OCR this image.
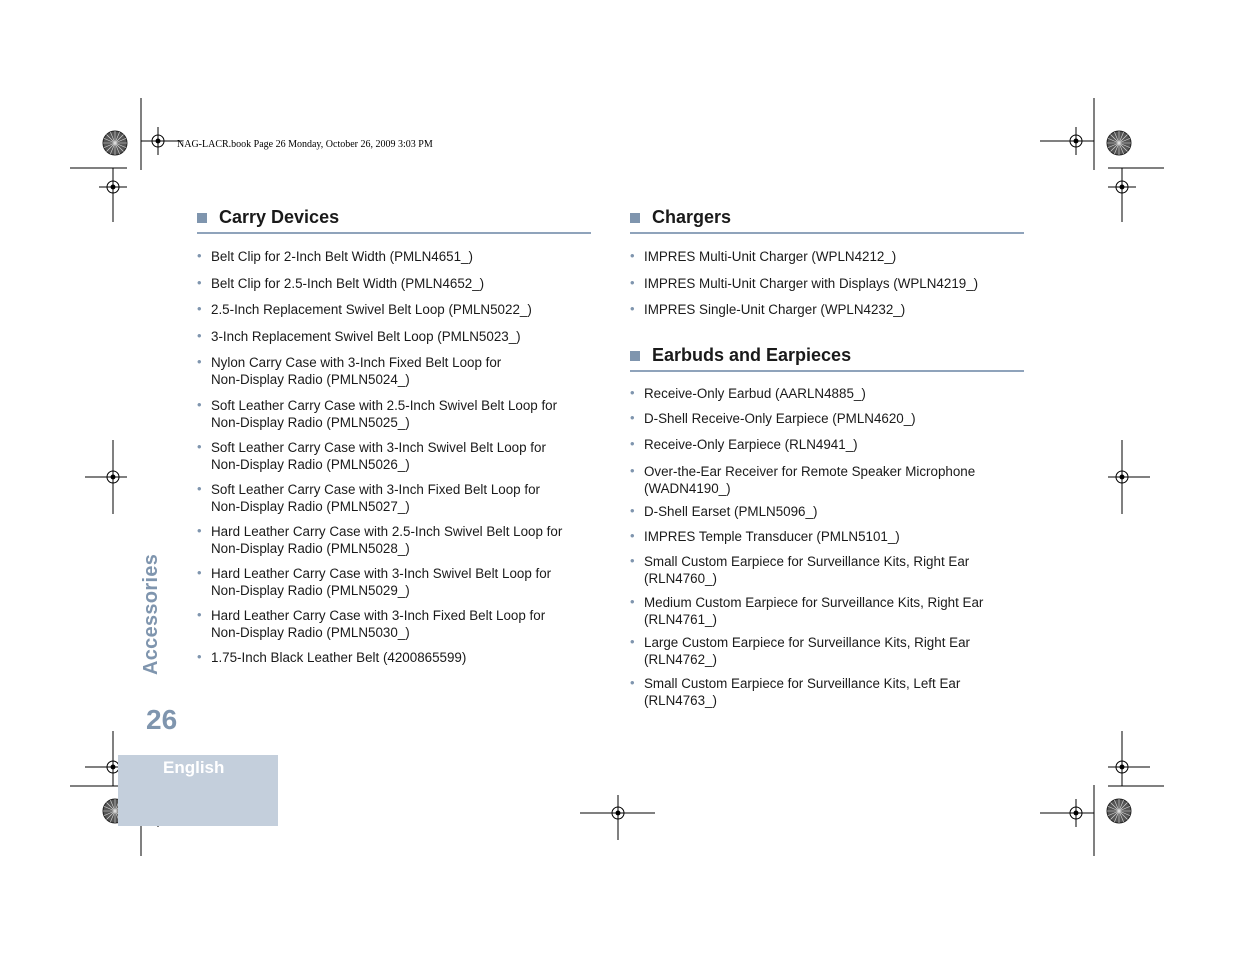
NAG-LACR.book Page 26 Monday, October 26, 2009 3:03 PM
Carry Devices
• Belt Clip for 2-Inch Belt Width (PMLN4651_)
• Belt Clip for 2.5-Inch Belt Width (PMLN4652_)
• 2.5-Inch Replacement Swivel Belt Loop (PMLN5022_)
• 3-Inch Replacement Swivel Belt Loop (PMLN5023_)
• Nylon Carry Case with 3-Inch Fixed Belt Loop for
Non-Display Radio (PMLN5024_)
• Soft Leather Carry Case with 2.5-Inch Swivel Belt Loop for
Non-Display Radio (PMLN5025_)
• Soft Leather Carry Case with 3-Inch Swivel Belt Loop for
Non-Display Radio (PMLN5026_)
• Soft Leather Carry Case with 3-Inch Fixed Belt Loop for
Non-Display Radio (PMLN5027_)
• Hard Leather Carry Case with 2.5-Inch Swivel Belt Loop for
Non-Display Radio (PMLN5028_)
• Hard Leather Carry Case with 3-Inch Swivel Belt Loop for
Non-Display Radio (PMLN5029_)
• Hard Leather Carry Case with 3-Inch Fixed Belt Loop for
Non-Display Radio (PMLN5030_)
• 1.75-Inch Black Leather Belt (4200865599)
Chargers
• IMPRES Multi-Unit Charger (WPLN4212_)
• IMPRES Multi-Unit Charger with Displays (WPLN4219_)
• IMPRES Single-Unit Charger (WPLN4232_)
Earbuds and Earpieces
• Receive-Only Earbud (AARLN4885_)
• D-Shell Receive-Only Earpiece (PMLN4620_)
• Receive-Only Earpiece (RLN4941_)
• Over-the-Ear Receiver for Remote Speaker Microphone
(WADN4190_)
• D-Shell Earset (PMLN5096_)
• IMPRES Temple Transducer (PMLN5101_)
• Small Custom Earpiece for Surveillance Kits, Right Ear
(RLN4760_)
• Medium Custom Earpiece for Surveillance Kits, Right Ear
(RLN4761_)
• Large Custom Earpiece for Surveillance Kits, Right Ear
(RLN4762_)
• Small Custom Earpiece for Surveillance Kits, Left Ear
(RLN4763_)
Accessories
26
English
